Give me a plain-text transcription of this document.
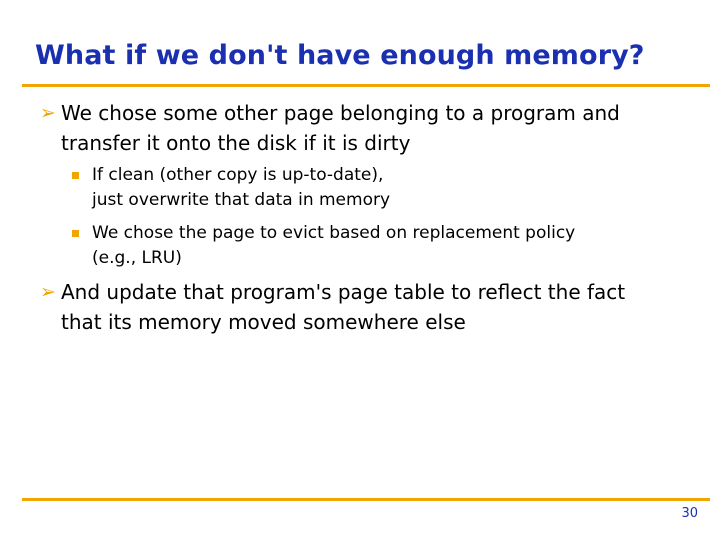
What if we don't have enough memory?
➢ We chose some other page belonging to a program and
transfer it onto the disk if it is dirty
If clean (other copy is up-to-date),
just overwrite that data in memory
We chose the page to evict based on replacement policy
(e.g., LRU)
➢ And update that program's page table to reflect the fact
that its memory moved somewhere else
30
